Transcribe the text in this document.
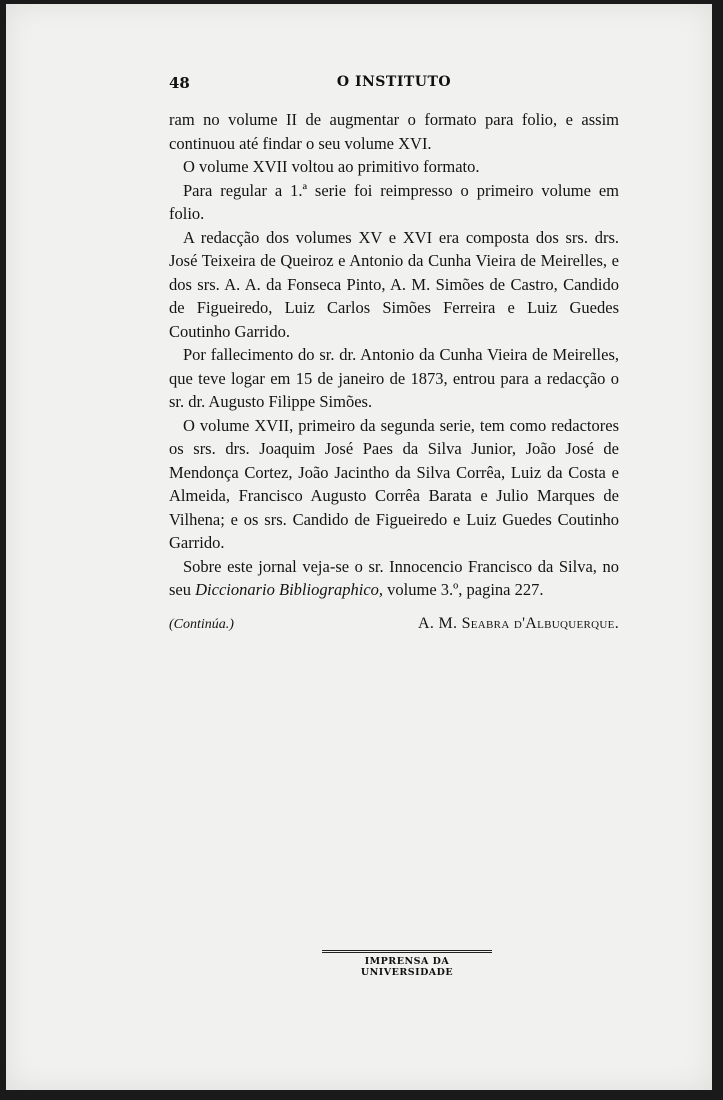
48	O INSTITUTO

ram no volume II de augmentar o formato para folio, e assim continuou até findar o seu volume XVI.

O volume XVII voltou ao primitivo formato.

Para regular a 1.ª serie foi reimpresso o primeiro volume em folio.

A redacção dos volumes XV e XVI era composta dos srs. drs. José Teixeira de Queiroz e Antonio da Cunha Vieira de Meirelles, e dos srs. A. A. da Fonseca Pinto, A. M. Simões de Castro, Candido de Figueiredo, Luiz Carlos Simões Ferreira e Luiz Guedes Coutinho Garrido.

Por fallecimento do sr. dr. Antonio da Cunha Vieira de Meirelles, que teve logar em 15 de janeiro de 1873, entrou para a redacção o sr. dr. Augusto Filippe Simões.

O volume XVII, primeiro da segunda serie, tem como redactores os srs. drs. Joaquim José Paes da Silva Junior, João José de Mendonça Cortez, João Jacintho da Silva Corrêa, Luiz da Costa e Almeida, Francisco Augusto Corrêa Barata e Julio Marques de Vilhena; e os srs. Candido de Figueiredo e Luiz Guedes Coutinho Garrido.

Sobre este jornal veja-se o sr. Innocencio Francisco da Silva, no seu Diccionario Bibliographico, volume 3.º, pagina 227.

(Continúa.)	A. M. Seabra d'Albuquerque.
IMPRENSA DA UNIVERSIDADE
